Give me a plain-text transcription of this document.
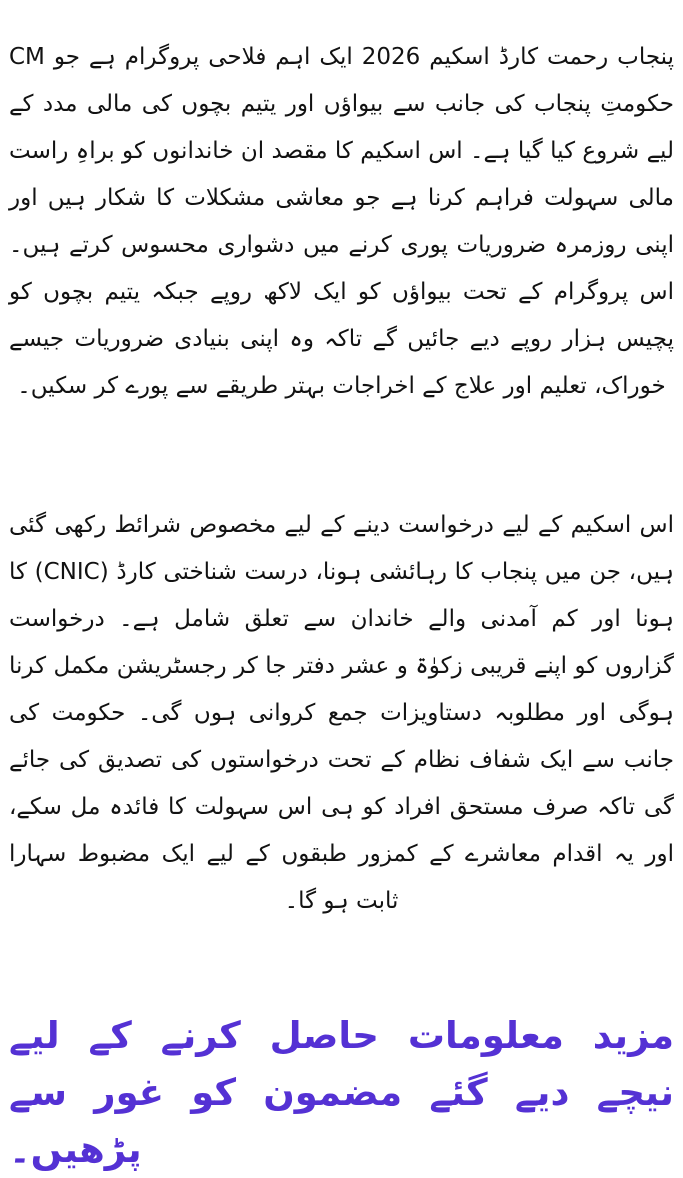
CM پنجاب رحمت کارڈ اسکیم 2026 ایک اہم فلاحی پروگرام ہے جو حکومتِ پنجاب کی جانب سے بیواؤں اور یتیم بچوں کی مالی مدد کے لیے شروع کیا گیا ہے۔ اس اسکیم کا مقصد ان خاندانوں کو براہِ راست مالی سہولت فراہم کرنا ہے جو معاشی مشکلات کا شکار ہیں اور اپنی روزمرہ ضروریات پوری کرنے میں دشواری محسوس کرتے ہیں۔ اس پروگرام کے تحت بیواؤں کو ایک لاکھ روپے جبکہ یتیم بچوں کو پچیس ہزار روپے دیے جائیں گے تاکہ وہ اپنی بنیادی ضروریات جیسے خوراک، تعلیم اور علاج کے اخراجات بہتر طریقے سے پورے کر سکیں۔

اس اسکیم کے لیے درخواست دینے کے لیے مخصوص شرائط رکھی گئی ہیں، جن میں پنجاب کا رہائشی ہونا، درست شناختی کارڈ (CNIC) کا ہونا اور کم آمدنی والے خاندان سے تعلق شامل ہے۔ درخواست گزاروں کو اپنے قریبی زکوٰۃ و عشر دفتر جا کر رجسٹریشن مکمل کرنا ہوگی اور مطلوبہ دستاویزات جمع کروانی ہوں گی۔ حکومت کی جانب سے ایک شفاف نظام کے تحت درخواستوں کی تصدیق کی جائے گی تاکہ صرف مستحق افراد کو ہی اس سہولت کا فائدہ مل سکے، اور یہ اقدام معاشرے کے کمزور طبقوں کے لیے ایک مضبوط سہارا ثابت ہو گا۔

مزید معلومات حاصل کرنے کے لیے نیچے دیے گئے مضمون کو غور سے پڑھیں۔
